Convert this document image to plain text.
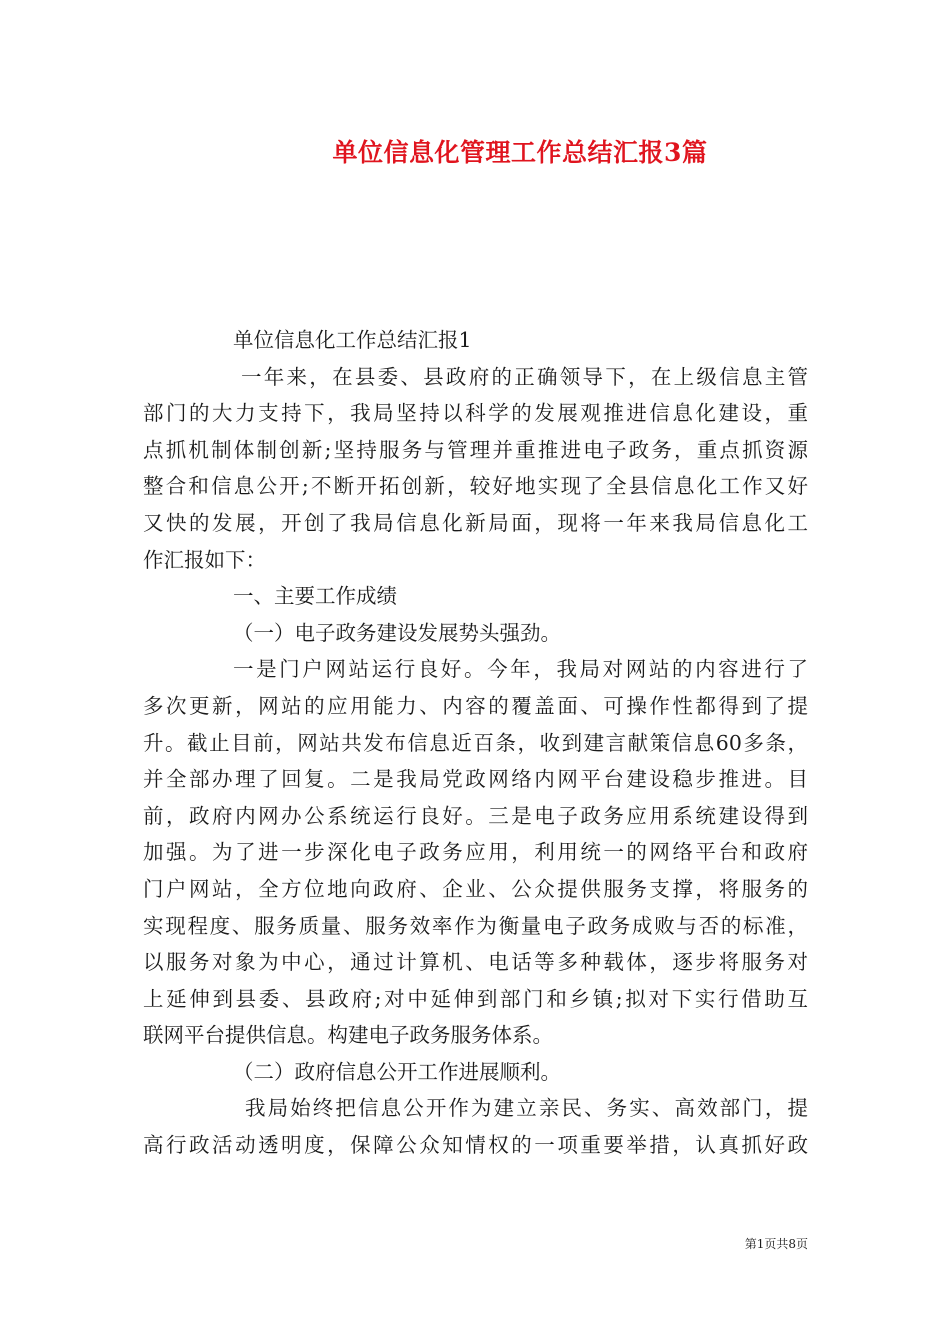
单位信息化管理工作总结汇报3篇
单位信息化工作总结汇报1
一年来，在县委、县政府的正确领导下，在上级信息主管
部门的大力支持下，我局坚持以科学的发展观推进信息化建设，重
点抓机制体制创新;坚持服务与管理并重推进电子政务，重点抓资源
整合和信息公开;不断开拓创新，较好地实现了全县信息化工作又好
又快的发展，开创了我局信息化新局面，现将一年来我局信息化工
作汇报如下：
一、主要工作成绩
（一）电子政务建设发展势头强劲。
一是门户网站运行良好。今年，我局对网站的内容进行了
多次更新，网站的应用能力、内容的覆盖面、可操作性都得到了提
升。截止目前，网站共发布信息近百条，收到建言献策信息60多条，
并全部办理了回复。二是我局党政网络内网平台建设稳步推进。目
前，政府内网办公系统运行良好。三是电子政务应用系统建设得到
加强。为了进一步深化电子政务应用，利用统一的网络平台和政府
门户网站，全方位地向政府、企业、公众提供服务支撑，将服务的
实现程度、服务质量、服务效率作为衡量电子政务成败与否的标准，
以服务对象为中心，通过计算机、电话等多种载体，逐步将服务对
上延伸到县委、县政府;对中延伸到部门和乡镇;拟对下实行借助互
联网平台提供信息。构建电子政务服务体系。
（二）政府信息公开工作进展顺利。
我局始终把信息公开作为建立亲民、务实、高效部门，提
高行政活动透明度，保障公众知情权的一项重要举措，认真抓好政
第1页共8页
